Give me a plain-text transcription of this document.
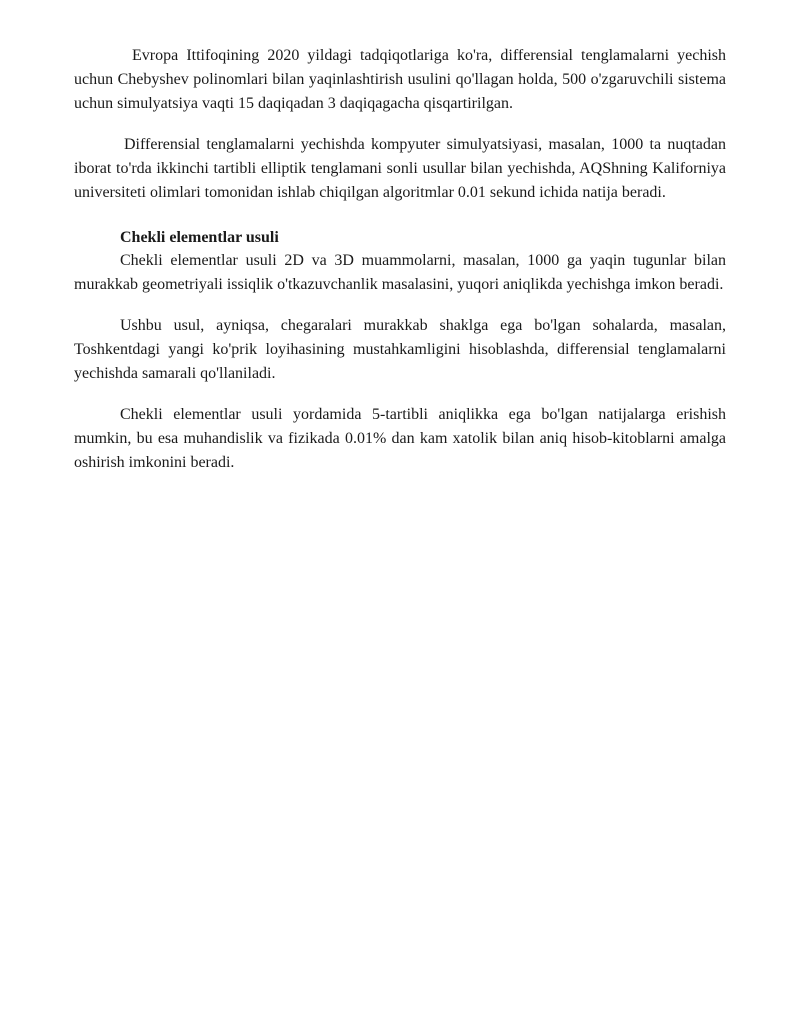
Evropa Ittifoqining 2020 yildagi tadqiqotlariga ko'ra, differensial tenglamalarni yechish uchun Chebyshev polinomlari bilan yaqinlashtirish usulini qo'llagan holda, 500 o'zgaruvchili sistema uchun simulyatsiya vaqti 15 daqiqadan 3 daqiqagacha qisqartirilgan.

Differensial tenglamalarni yechishda kompyuter simulyatsiyasi, masalan, 1000 ta nuqtadan iborat to'rda ikkinchi tartibli elliptik tenglamani sonli usullar bilan yechishda, AQShning Kaliforniya universiteti olimlari tomonidan ishlab chiqilgan algoritmlar 0.01 sekund ichida natija beradi.

Chekli elementlar usuli

Chekli elementlar usuli 2D va 3D muammolarni, masalan, 1000 ga yaqin tugunlar bilan murakkab geometriyali issiqlik o'tkazuvchanlik masalasini, yuqori aniqlikda yechishga imkon beradi.

Ushbu usul, ayniqsa, chegaralari murakkab shaklga ega bo'lgan sohalarda, masalan, Toshkentdagi yangi ko'prik loyihasining mustahkamligini hisoblashda, differensial tenglamalarni yechishda samarali qo'llaniladi.

Chekli elementlar usuli yordamida 5-tartibli aniqlikka ega bo'lgan natijalarga erishish mumkin, bu esa muhandislik va fizikada 0.01% dan kam xatolik bilan aniq hisob-kitoblarni amalga oshirish imkonini beradi.
